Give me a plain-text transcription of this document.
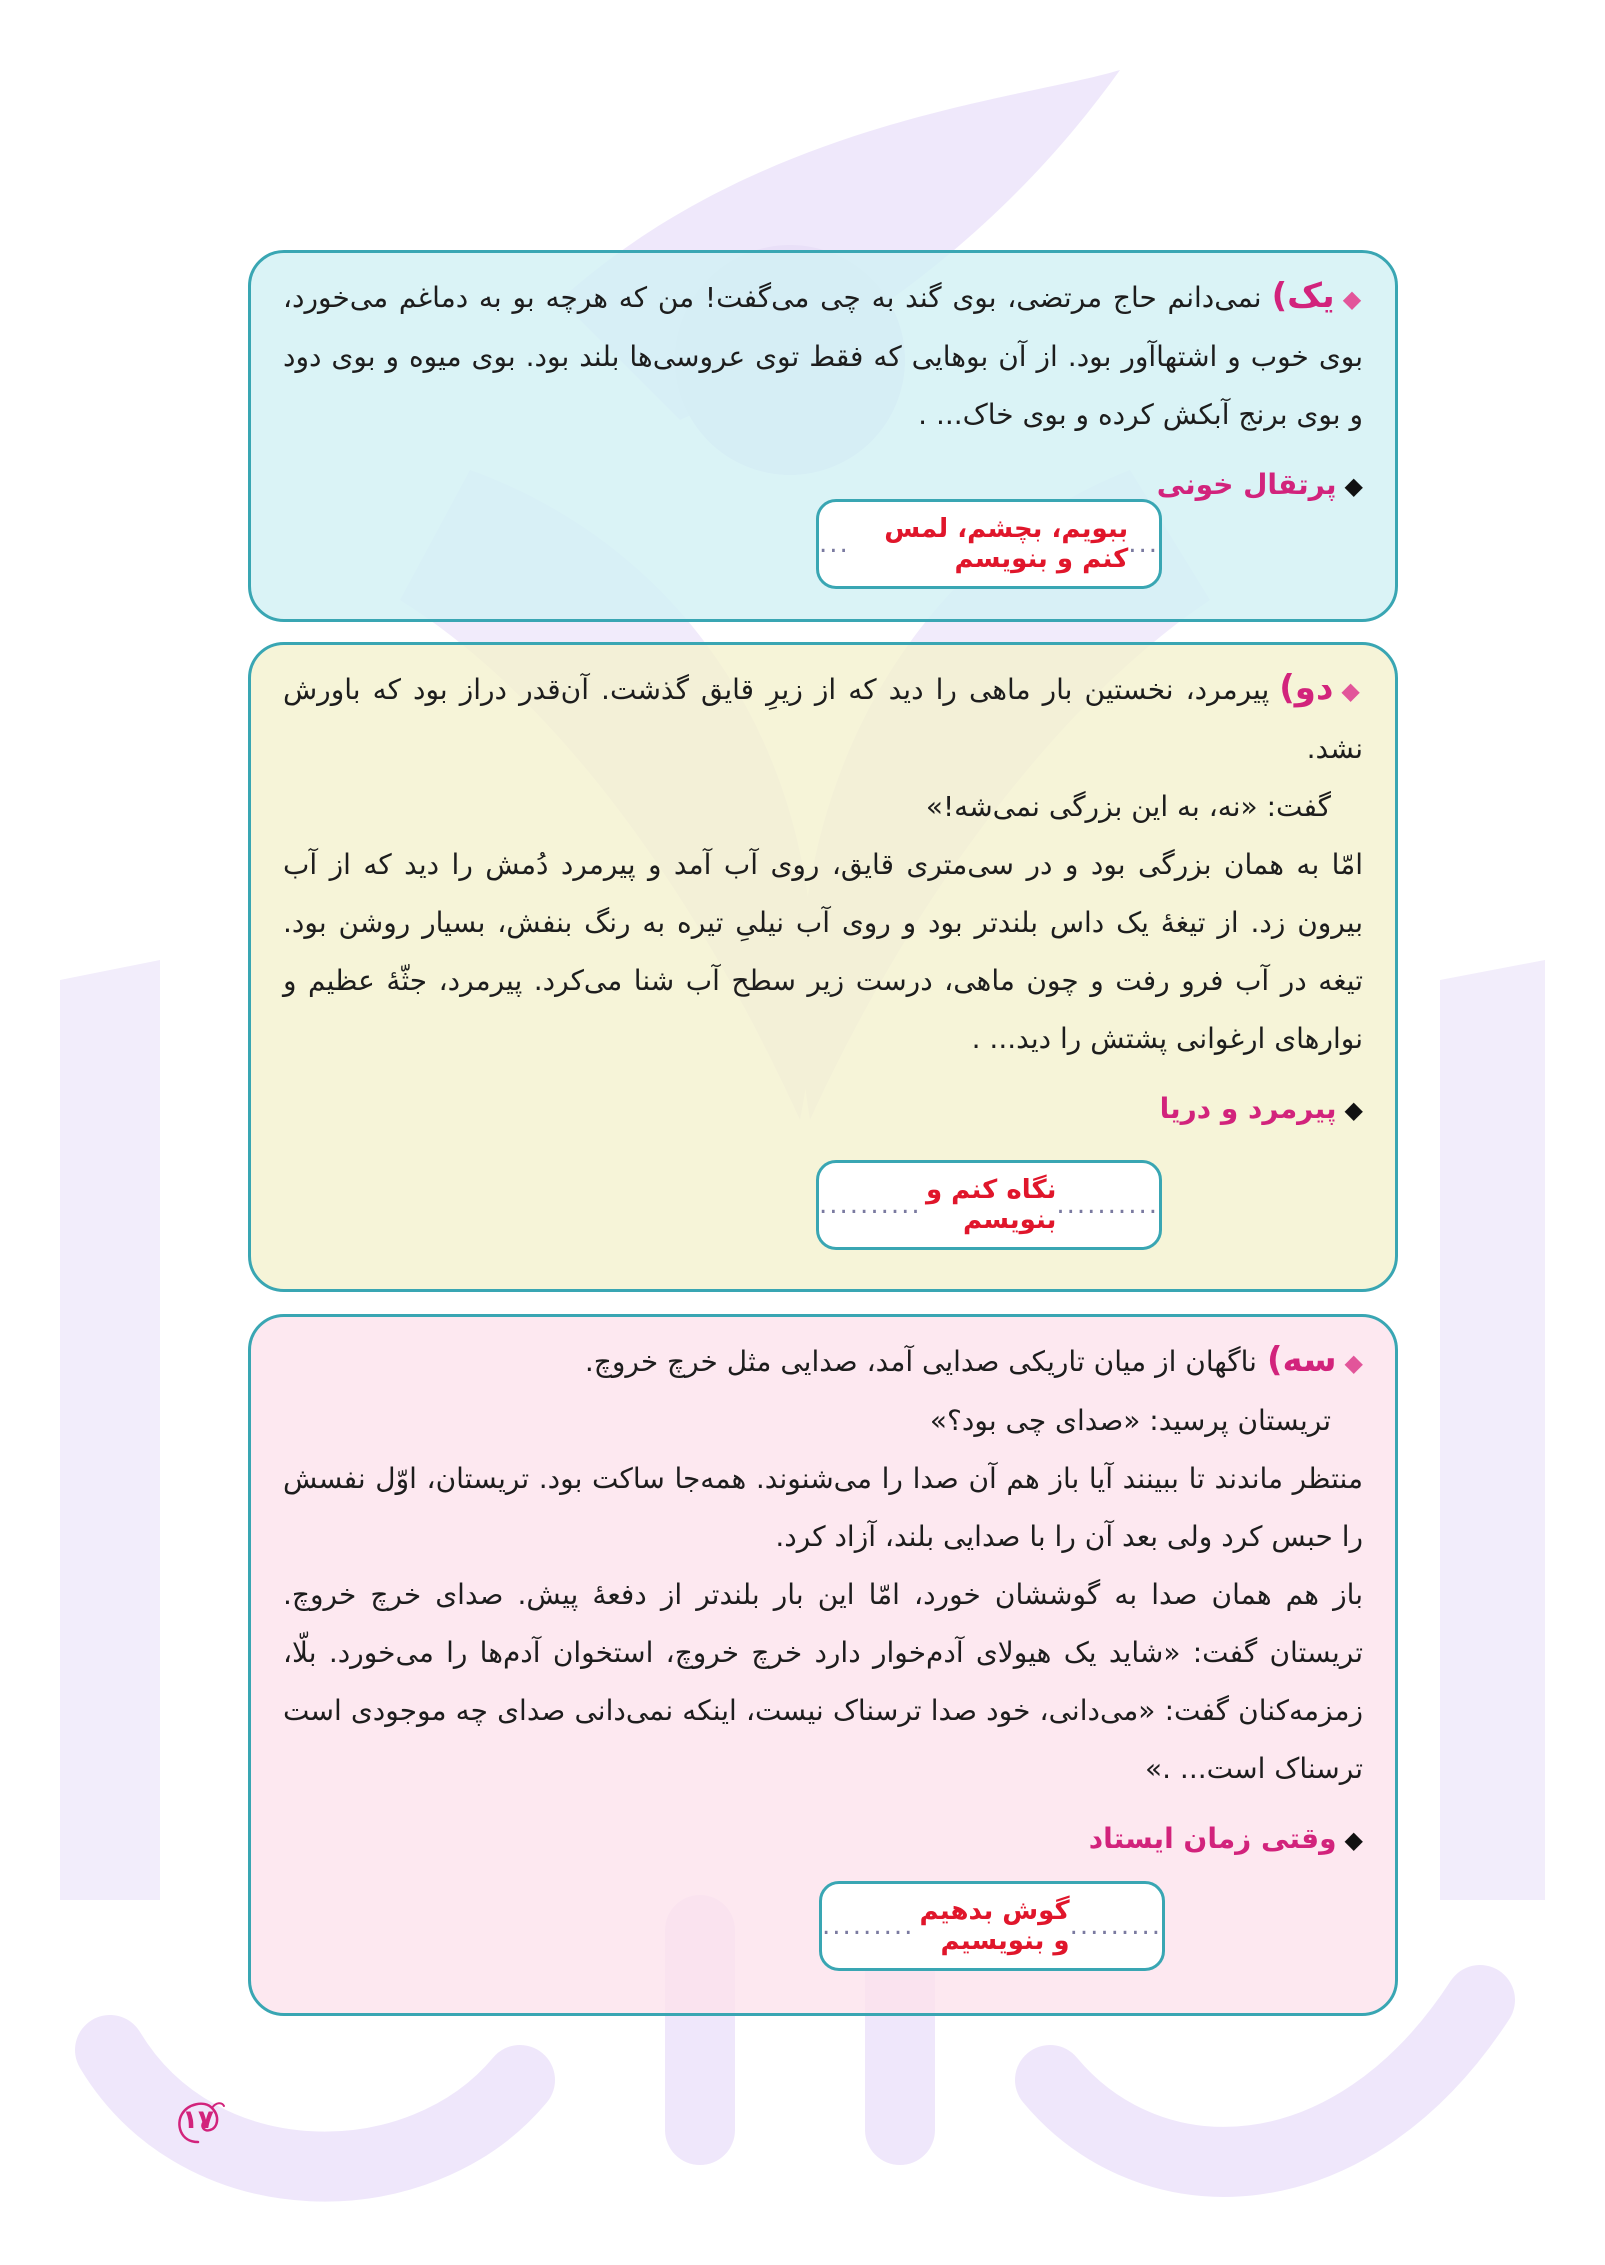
◆یک)نمی‌دانم حاج مرتضی، بوی گند به چی می‌گفت! من که هرچه بو به دماغم می‌خورد، بوی خوب و اشتهاآور بود. از آن بوهایی که فقط توی عروسی‌ها بلند بود. بوی میوه و بوی دود و بوی برنج آبکش کرده و بوی خاک... .

◆پرتقال خونی
...
ببویم، بچشم، لمس کنم و بنویسم
...

◆دو)پیرمرد، نخستین بار ماهی را دید که از زیرِ قایق گذشت. آن‌قدر دراز بود که باورش نشد.

گفت: «نه، به این بزرگی نمی‌شه!»

امّا به همان بزرگی بود و در سی‌متری قایق، روی آب آمد و پیرمرد دُمش را دید که از آب بیرون زد. از تیغهٔ یک داس بلندتر بود و روی آب نیلیِ تیره به رنگ بنفش، بسیار روشن بود. تیغه در آب فرو رفت و چون ماهی، درست زیر سطح آب شنا می‌کرد. پیرمرد، جثّهٔ عظیم و نوارهای ارغوانی پشتش را دید... .

◆پیرمرد و دریا
..........
نگاه کنم و بنویسم
..........

◆سه)ناگهان از میان تاریکی صدایی آمد، صدایی مثل خرچ خروچ.

تریستان پرسید: «صدای چی بود؟»

منتظر ماندند تا ببینند آیا باز هم آن صدا را می‌شنوند. همه‌جا ساکت بود. تریستان، اوّل نفسش را حبس کرد ولی بعد آن را با صدایی بلند، آزاد کرد.

باز هم همان صدا به گوششان خورد، امّا این بار بلندتر از دفعهٔ پیش. صدای خرچ خروچ. تریستان گفت: «شاید یک هیولای آدم‌خوار دارد خرچ خروچ، استخوان آدم‌ها را می‌خورد. بلّا، زمزمه‌کنان گفت: «می‌دانی، خود صدا ترسناک نیست، اینکه نمی‌دانی صدای چه موجودی است ترسناک است... .»

◆وقتی زمان ایستاد
.........
گوش بدهیم و بنویسیم
.........
۱۷
